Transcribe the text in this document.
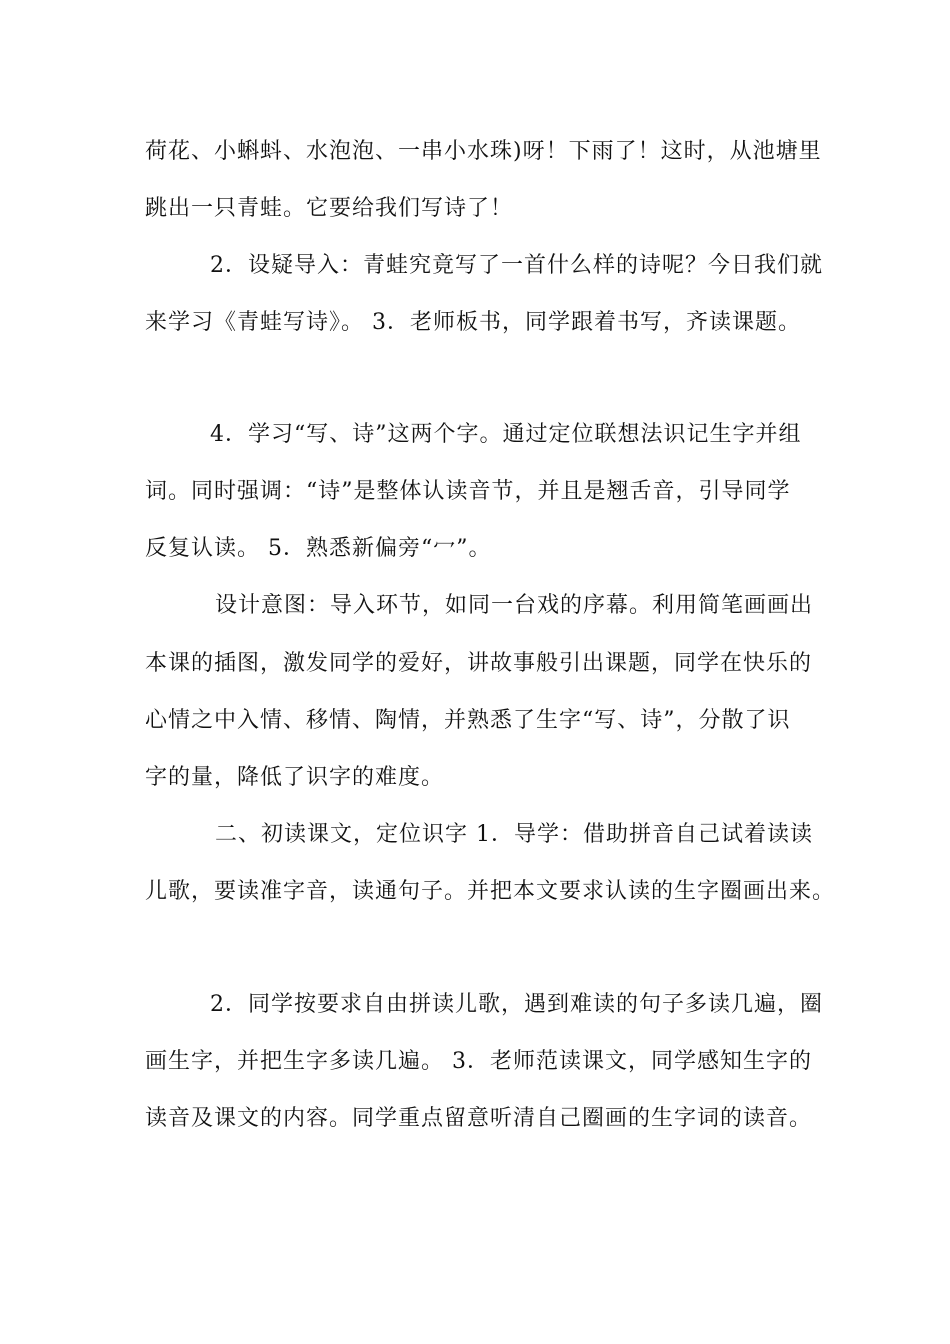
荷花、小蝌蚪、水泡泡、一串小水珠)呀！下雨了！这时，从池塘里
跳出一只青蛙。它要给我们写诗了！
2．设疑导入：青蛙究竟写了一首什么样的诗呢？今日我们就
来学习《青蛙写诗》。 3．老师板书，同学跟着书写，齐读课题。
4．学习“写、诗”这两个字。通过定位联想法识记生字并组
词。同时强调：“诗”是整体认读音节，并且是翘舌音，引导同学
反复认读。 5．熟悉新偏旁“冖”。
设计意图：导入环节，如同一台戏的序幕。利用简笔画画出
本课的插图，激发同学的爱好，讲故事般引出课题，同学在快乐的
心情之中入情、移情、陶情，并熟悉了生字“写、诗”，分散了识
字的量，降低了识字的难度。
二、初读课文，定位识字 1．导学：借助拼音自己试着读读
儿歌，要读准字音，读通句子。并把本文要求认读的生字圈画出来。
2．同学按要求自由拼读儿歌，遇到难读的句子多读几遍，圈
画生字，并把生字多读几遍。 3．老师范读课文，同学感知生字的
读音及课文的内容。同学重点留意听清自己圈画的生字词的读音。
